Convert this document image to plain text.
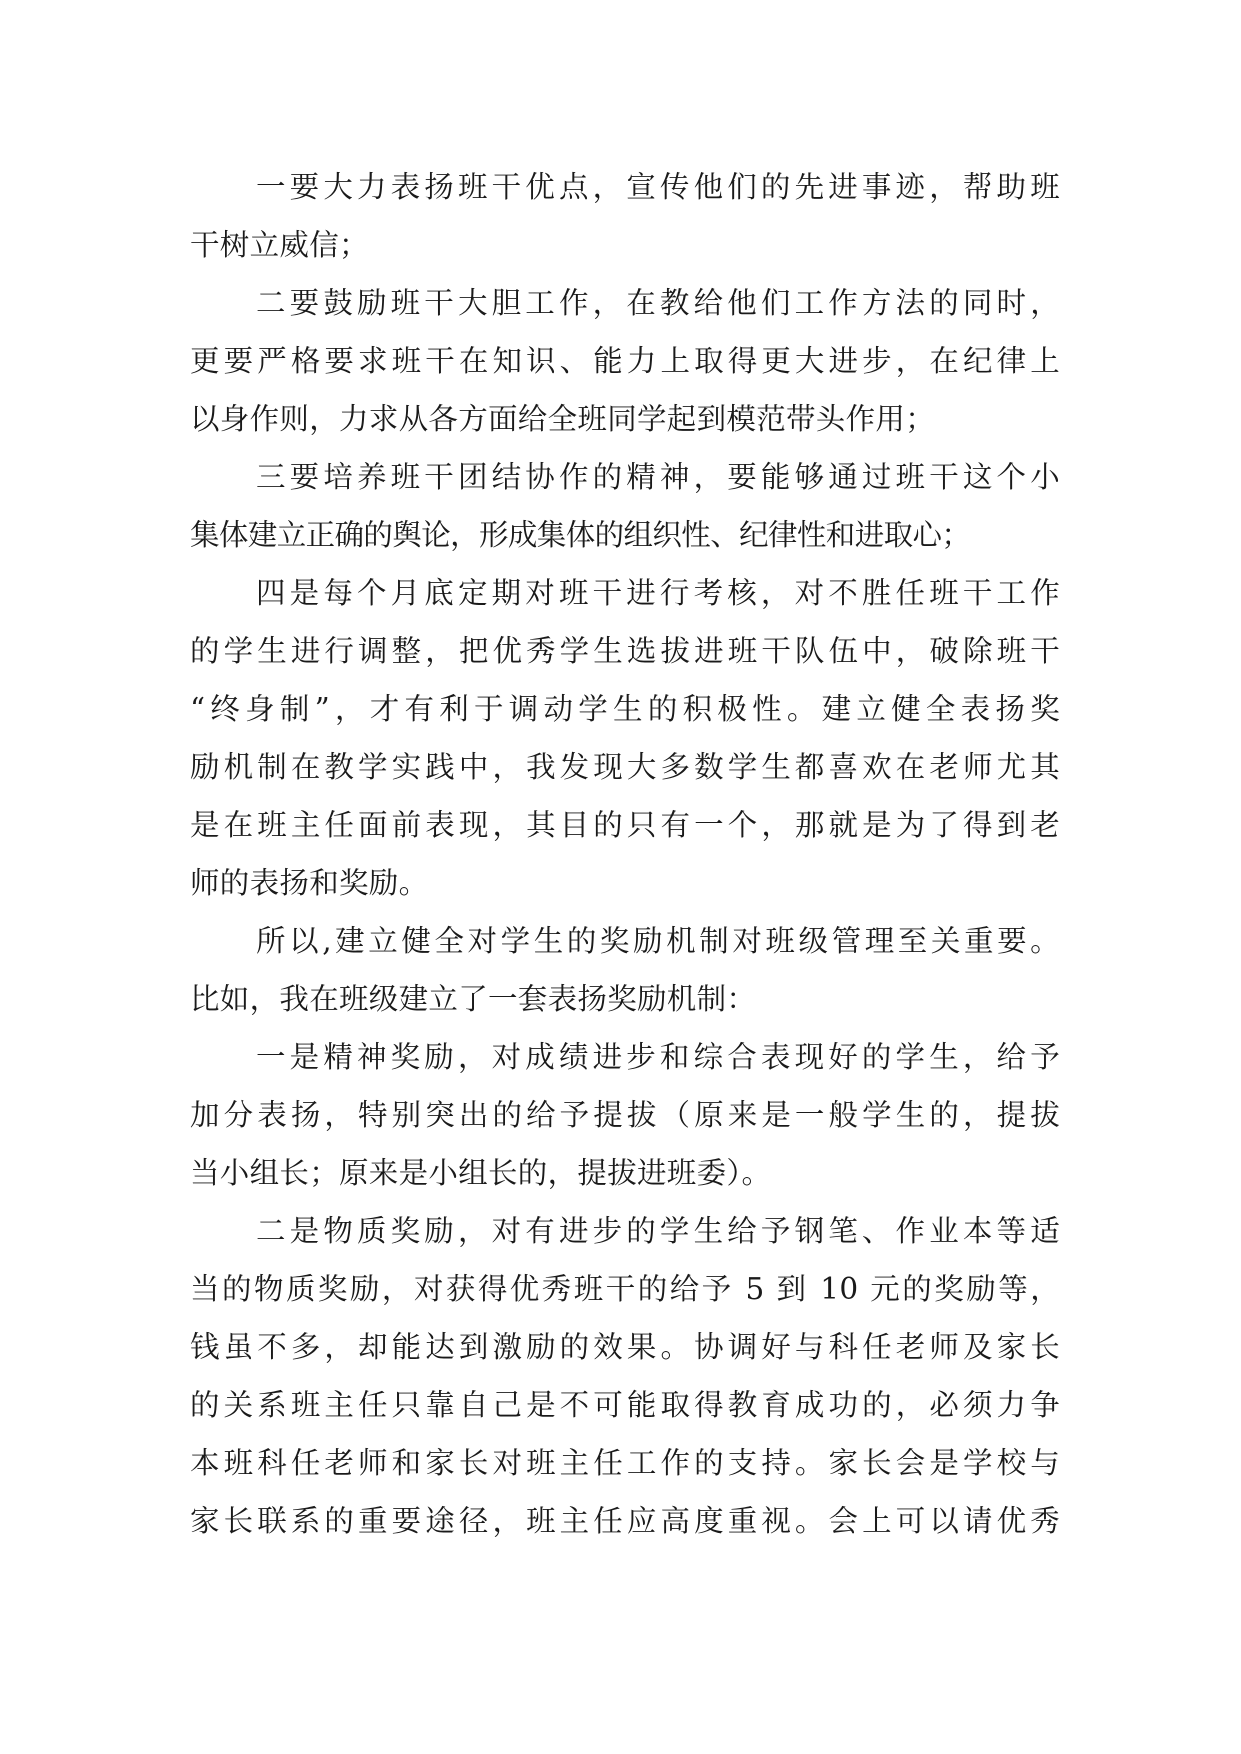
一要大力表扬班干优点，宣传他们的先进事迹，帮助班
干树立威信；
二要鼓励班干大胆工作，在教给他们工作方法的同时，
更要严格要求班干在知识、能力上取得更大进步，在纪律上
以身作则，力求从各方面给全班同学起到模范带头作用；
三要培养班干团结协作的精神，要能够通过班干这个小
集体建立正确的舆论，形成集体的组织性、纪律性和进取心；
四是每个月底定期对班干进行考核，对不胜任班干工作
的学生进行调整，把优秀学生选拔进班干队伍中，破除班干
“终身制”，才有利于调动学生的积极性。建立健全表扬奖
励机制在教学实践中，我发现大多数学生都喜欢在老师尤其
是在班主任面前表现，其目的只有一个，那就是为了得到老
师的表扬和奖励。
所以,建立健全对学生的奖励机制对班级管理至关重要。
比如，我在班级建立了一套表扬奖励机制：
一是精神奖励，对成绩进步和综合表现好的学生，给予
加分表扬，特别突出的给予提拔（原来是一般学生的，提拔
当小组长；原来是小组长的，提拔进班委）。
二是物质奖励，对有进步的学生给予钢笔、作业本等适
当的物质奖励，对获得优秀班干的给予 5 到 10 元的奖励等，
钱虽不多，却能达到激励的效果。协调好与科任老师及家长
的关系班主任只靠自己是不可能取得教育成功的，必须力争
本班科任老师和家长对班主任工作的支持。家长会是学校与
家长联系的重要途径，班主任应高度重视。会上可以请优秀
